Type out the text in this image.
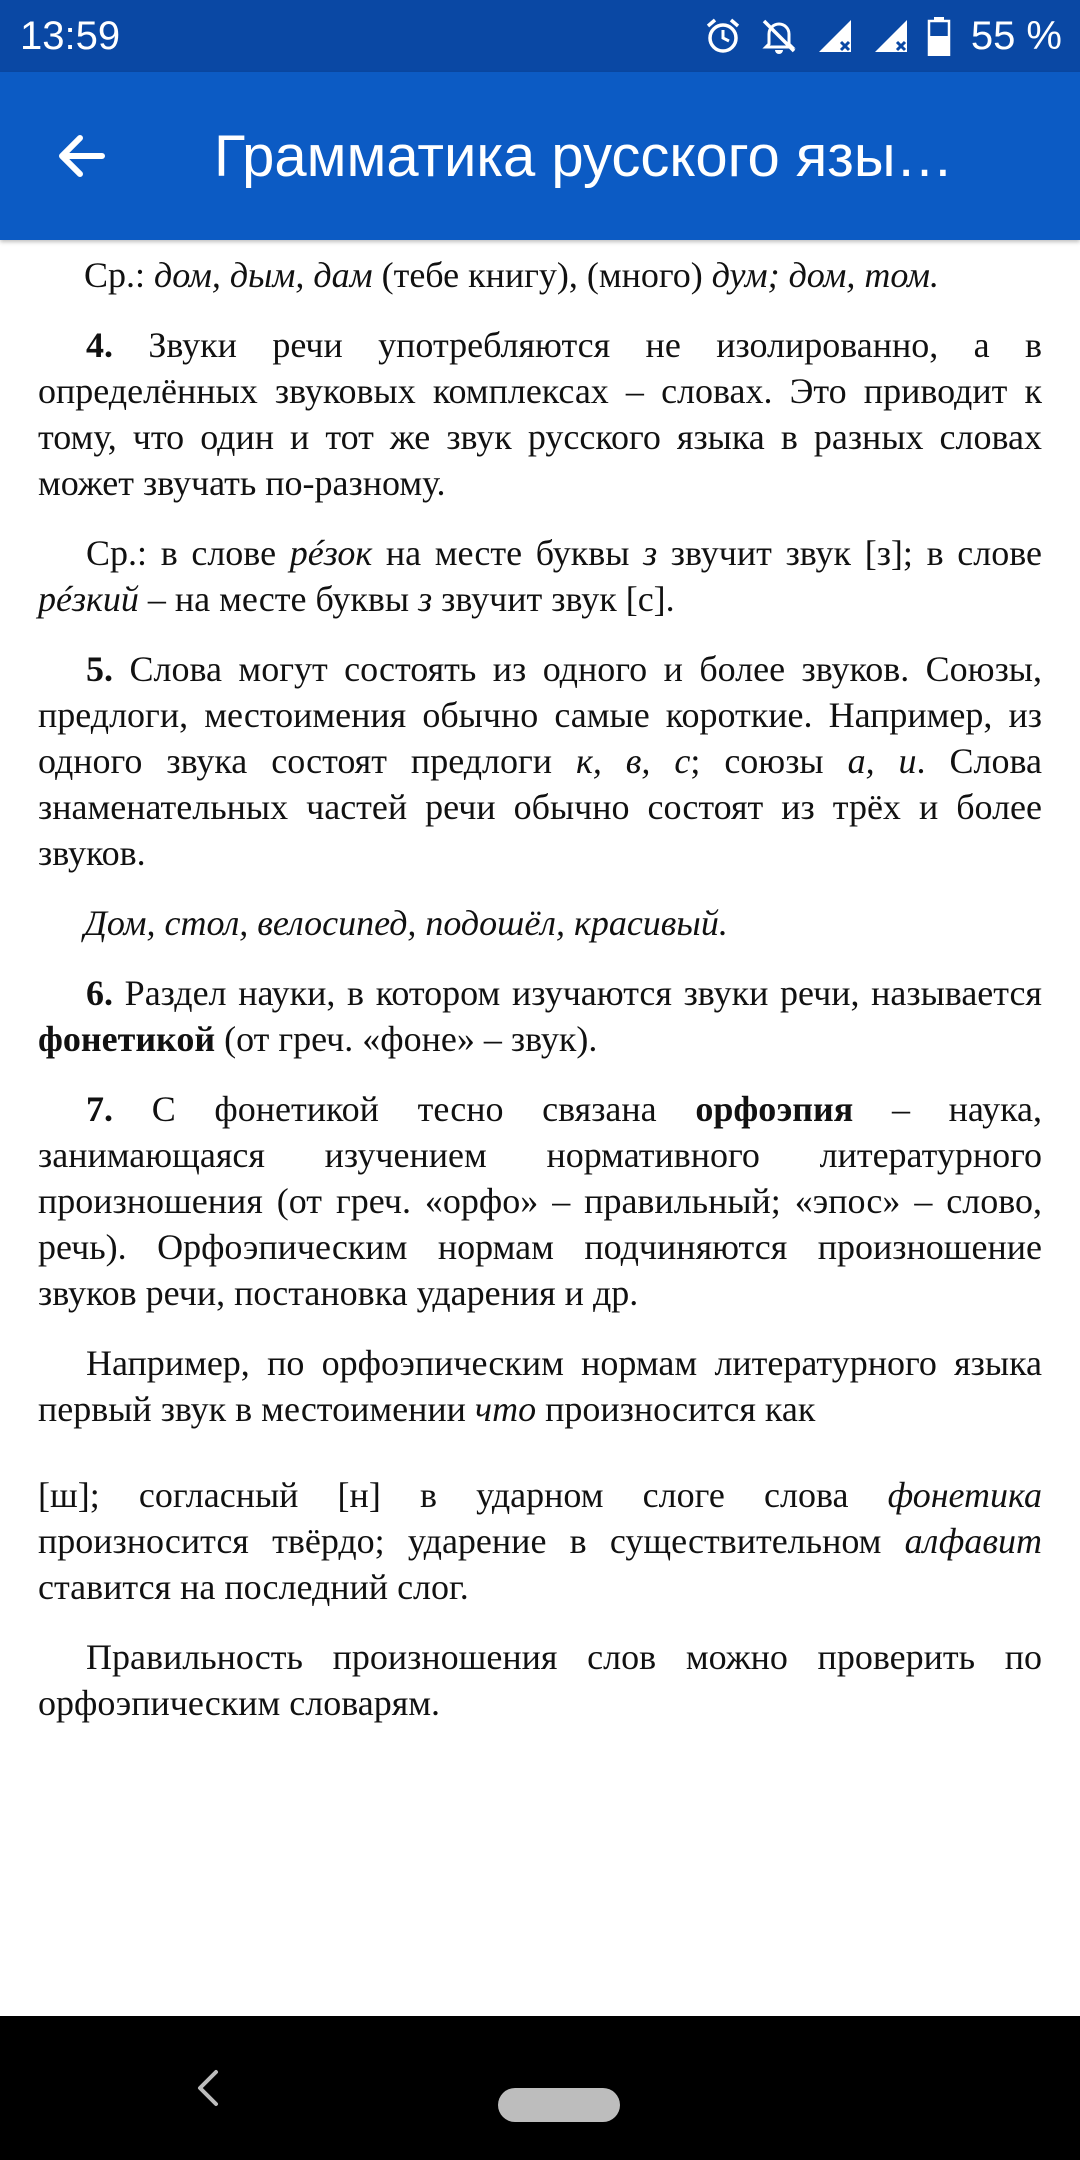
13:59	55 %
Грамматика русского язы…

Ср.: дом, дым, дам (тебе книгу), (много) дум; дом, том.

4. Звуки речи употребляются не изолированно, а в определённых звуковых комплексах – словах. Это приводит к тому, что один и тот же звук русского языка в разных словах может звучать по-разному.

Ср.: в слове рéзок на месте буквы з звучит звук [з]; в слове рéзкий – на месте буквы з звучит звук [с].

5. Слова могут состоять из одного и более звуков. Союзы, предлоги, местоимения обычно самые короткие. Например, из одного звука состоят предлоги к, в, с; союзы а, и. Слова знаменательных частей речи обычно состоят из трёх и более звуков.

Дом, стол, велосипед, подошёл, красивый.

6. Раздел науки, в котором изучаются звуки речи, называется фонетикой (от греч. «фоне» – звук).

7. С фонетикой тесно связана орфоэпия – наука, занимающаяся изучением нормативного литературного произношения (от греч. «орфо» – правильный; «эпос» – слово, речь). Орфоэпическим нормам подчиняются произношение звуков речи, постановка ударения и др.

Например, по орфоэпическим нормам литературного языка первый звук в местоимении что произносится как

[ш]; согласный [н] в ударном слоге слова фонетика произносится твёрдо; ударение в существительном алфавит ставится на последний слог.

Правильность произношения слов можно проверить по орфоэпическим словарям.
